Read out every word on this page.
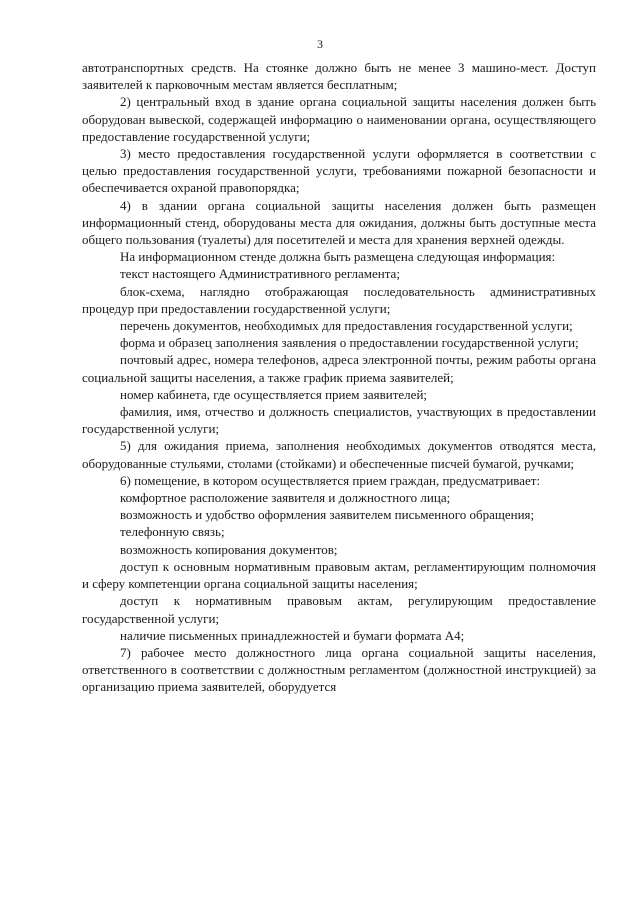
3

автотранспортных средств. На стоянке должно быть не менее 3 машино-мест. Доступ заявителей к парковочным местам является бесплатным;

2) центральный вход в здание органа социальной защиты населения должен быть оборудован вывеской, содержащей информацию о наименовании органа, осуществляющего предоставление государственной услуги;

3) место предоставления государственной услуги оформляется в соответствии с целью предоставления государственной услуги, требованиями пожарной безопасности и обеспечивается охраной правопорядка;

4) в здании органа социальной защиты населения должен быть размещен информационный стенд, оборудованы места для ожидания, должны быть доступные места общего пользования (туалеты) для посетителей и места для хранения верхней одежды.

На информационном стенде должна быть размещена следующая информация:

текст настоящего Административного регламента;

блок-схема, наглядно отображающая последовательность административных процедур при предоставлении государственной услуги;

перечень документов, необходимых для предоставления государственной услуги;

форма и образец заполнения заявления о предоставлении государственной услуги;

почтовый адрес, номера телефонов, адреса электронной почты, режим работы органа социальной защиты населения, а также график приема заявителей;

номер кабинета, где осуществляется прием заявителей;

фамилия, имя, отчество и должность специалистов, участвующих в предоставлении государственной услуги;

5) для ожидания приема, заполнения необходимых документов отводятся места, оборудованные стульями, столами (стойками) и обеспеченные писчей бумагой, ручками;

6) помещение, в котором осуществляется прием граждан, предусматривает:

комфортное расположение заявителя и должностного лица;

возможность и удобство оформления заявителем письменного обращения;

телефонную связь;

возможность копирования документов;

доступ к основным нормативным правовым актам, регламентирующим полномочия и сферу компетенции органа социальной защиты населения;

доступ к нормативным правовым актам, регулирующим предоставление государственной услуги;

наличие письменных принадлежностей и бумаги формата А4;

7) рабочее место должностного лица органа социальной защиты населения, ответственного в соответствии с должностным регламентом (должностной инструкцией) за организацию приема заявителей, оборудуется
